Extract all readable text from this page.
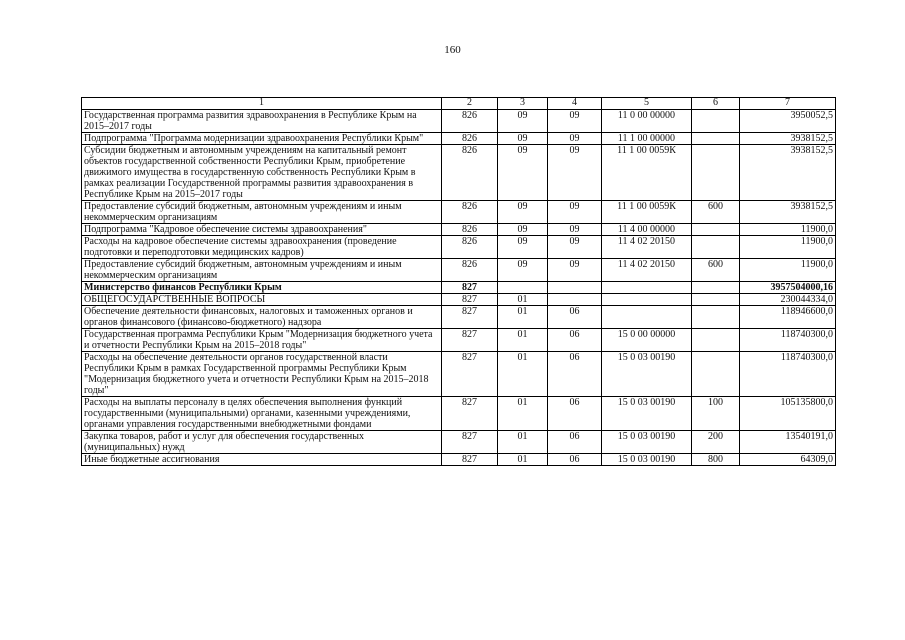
160
1	2	3	4	5	6	7
Государственная программа развития здравоохранения в Республике Крым на 2015–2017 годы	826	09	09	11 0 00 00000		3950052,5
Подпрограмма "Программа модернизации здравоохранения Республики Крым"	826	09	09	11 1 00 00000		3938152,5
Субсидии бюджетным и автономным учреждениям на капитальный ремонт объектов государственной собственности Республики Крым, приобретение движимого имущества в государственную собственность Республики Крым в рамках реализации Государственной программы развития здравоохранения в Республике Крым на 2015–2017 годы	826	09	09	11 1 00 0059К		3938152,5
Предоставление субсидий бюджетным, автономным учреждениям и иным некоммерческим организациям	826	09	09	11 1 00 0059К	600	3938152,5
Подпрограмма "Кадровое обеспечение системы здравоохранения"	826	09	09	11 4 00 00000		11900,0
Расходы на кадровое обеспечение системы здравоохранения (проведение подготовки и переподготовки медицинских кадров)	826	09	09	11 4 02 20150		11900,0
Предоставление субсидий бюджетным, автономным учреждениям и иным некоммерческим организациям	826	09	09	11 4 02 20150	600	11900,0
Министерство финансов Республики Крым	827					3957504000,16
ОБЩЕГОСУДАРСТВЕННЫЕ ВОПРОСЫ	827	01				230044334,0
Обеспечение деятельности финансовых, налоговых и таможенных органов и органов финансового (финансово-бюджетного) надзора	827	01	06			118946600,0
Государственная программа Республики Крым "Модернизация бюджетного учета и отчетности Республики Крым на 2015–2018 годы"	827	01	06	15 0 00 00000		118740300,0
Расходы на обеспечение деятельности органов государственной власти Республики Крым в рамках Государственной программы Республики Крым "Модернизация бюджетного учета и отчетности Республики Крым на 2015–2018 годы"	827	01	06	15 0 03 00190		118740300,0
Расходы на выплаты персоналу в целях обеспечения выполнения функций государственными (муниципальными) органами, казенными учреждениями, органами управления государственными внебюджетными фондами	827	01	06	15 0 03 00190	100	105135800,0
Закупка товаров, работ и услуг для обеспечения государственных (муниципальных) нужд	827	01	06	15 0 03 00190	200	13540191,0
Иные бюджетные ассигнования	827	01	06	15 0 03 00190	800	64309,0
